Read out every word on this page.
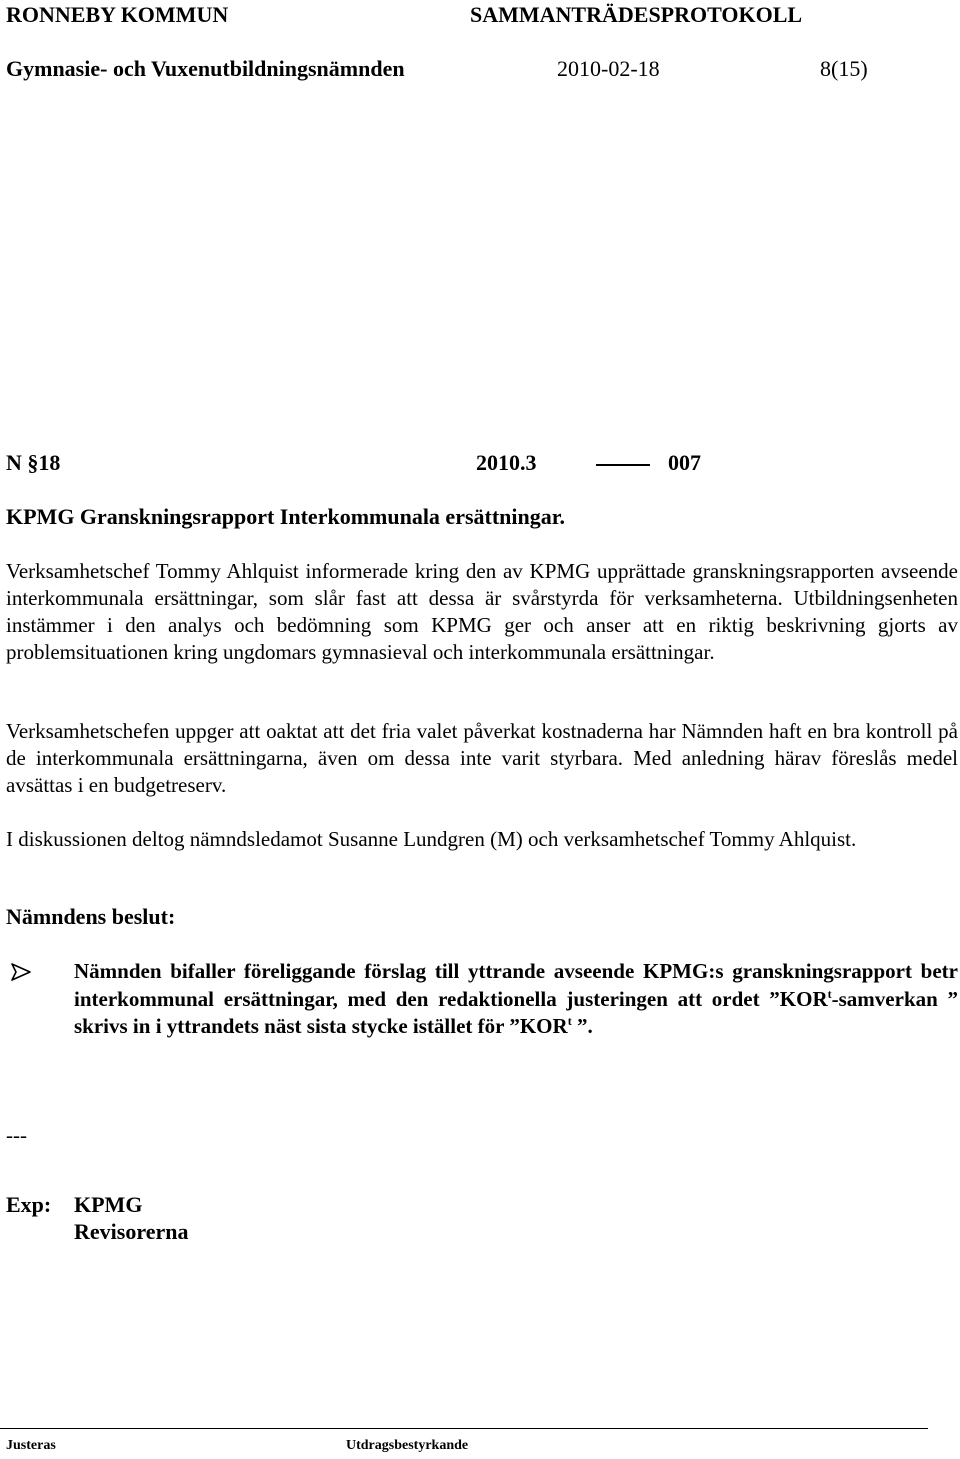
RONNEBY KOMMUN	SAMMANTRÄDESPROTOKOLL
Gymnasie- och Vuxenutbildningsnämnden	2010-02-18	8(15)
N §18	2010.3	007
KPMG Granskningsrapport Interkommunala ersättningar.
Verksamhetschef Tommy Ahlquist informerade kring den av KPMG upprättade granskningsrapporten avseende interkommunala ersättningar, som slår fast att dessa är svårstyrda för verksamheterna. Utbildningsenheten instämmer i den analys och bedömning som KPMG ger och anser att en riktig beskrivning gjorts av problemsituationen kring ungdomars gymnasieval och interkommunala ersättningar.
Verksamhetschefen uppger att oaktat att det fria valet påverkat kostnaderna har Nämnden haft en bra kontroll på de interkommunala ersättningarna, även om dessa inte varit styrbara. Med anledning härav föreslås medel avsättas i en budgetreserv.
I diskussionen deltog nämndsledamot Susanne Lundgren (M) och verksamhetschef Tommy Ahlquist.
Nämndens beslut:
Nämnden bifaller föreliggande förslag till yttrande avseende KPMG:s granskningsrapport betr interkommunal ersättningar, med den redaktionella justeringen att ordet ”KOR$^t$-samverkan ” skrivs in i yttrandets näst sista stycke istället för ”KOR$^t$ ”.
---
Exp: KPMG
Revisorerna
Justeras	Utdragsbestyrkande
